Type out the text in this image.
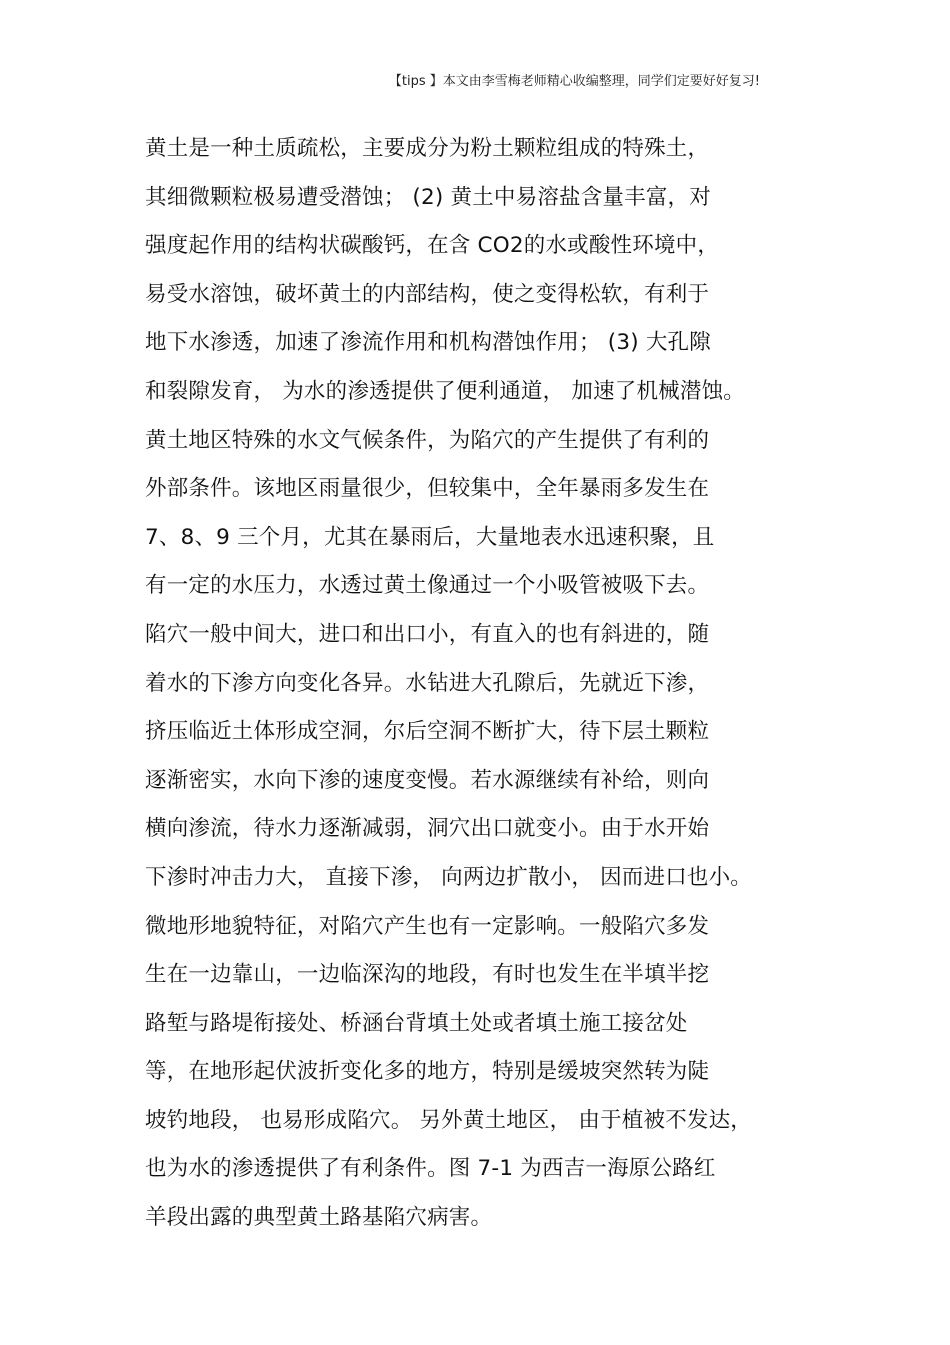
【tips 】本文由李雪梅老师精心收编整理，同学们定要好好复习!
黄土是一种土质疏松，主要成分为粉土颗粒组成的特殊土，
其细微颗粒极易遭受潜蚀； (2) 黄土中易溶盐含量丰富，对
强度起作用的结构状碳酸钙，在含 CO2的水或酸性环境中，
易受水溶蚀，破坏黄土的内部结构，使之变得松软，有利于
地下水渗透，加速了渗流作用和机构潜蚀作用； (3) 大孔隙
和裂隙发育， 为水的渗透提供了便利通道， 加速了机械潜蚀。
黄土地区特殊的水文气候条件，为陷穴的产生提供了有利的
外部条件。该地区雨量很少，但较集中，全年暴雨多发生在
7、8、9 三个月，尤其在暴雨后，大量地表水迅速积聚，且
有一定的水压力，水透过黄土像通过一个小吸管被吸下去。
陷穴一般中间大，进口和出口小，有直入的也有斜进的，随
着水的下渗方向变化各异。水钻进大孔隙后，先就近下渗，
挤压临近土体形成空洞，尔后空洞不断扩大，待下层土颗粒
逐渐密实，水向下渗的速度变慢。若水源继续有补给，则向
横向渗流，待水力逐渐减弱，洞穴出口就变小。由于水开始
下渗时冲击力大， 直接下渗， 向两边扩散小， 因而进口也小。
微地形地貌特征，对陷穴产生也有一定影响。一般陷穴多发
生在一边靠山，一边临深沟的地段，有时也发生在半填半挖
路堑与路堤衔接处、桥涵台背填土处或者填土施工接岔处
等，在地形起伏波折变化多的地方，特别是缓坡突然转为陡
坡钓地段， 也易形成陷穴。 另外黄土地区， 由于植被不发达，
也为水的渗透提供了有利条件。图 7-1 为西吉一海原公路红
羊段出露的典型黄土路基陷穴病害。
